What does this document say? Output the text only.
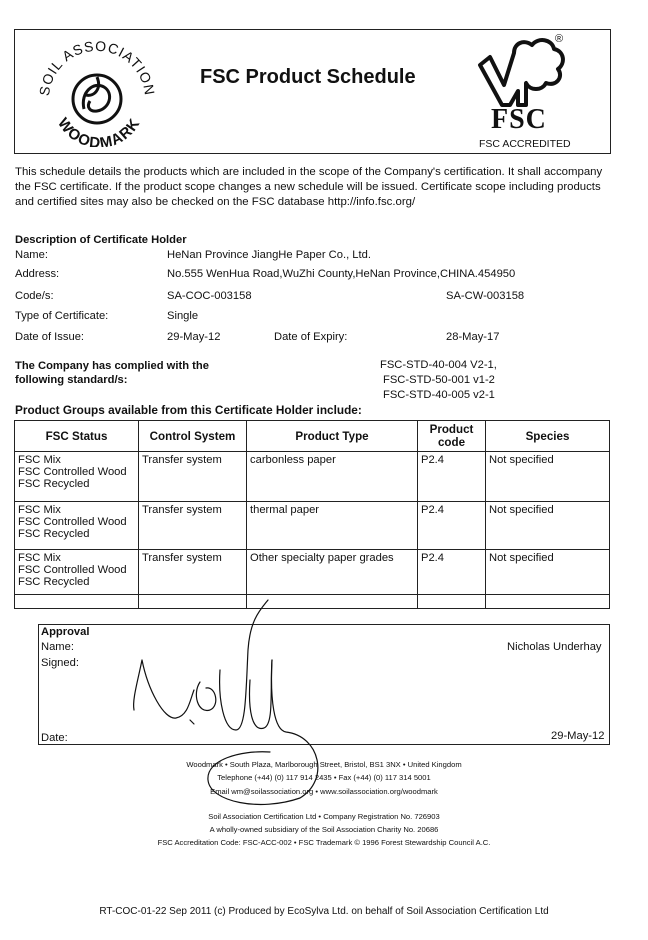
SOIL ASSOCIATION
WOODMARK
FSC Product Schedule
®
FSC
FSC ACCREDITED
This schedule details the products which are included in the scope of the Company's certification. It shall accompany the FSC certificate. If the product scope changes a new schedule will be issued. Certificate scope including products and certified sites may also be checked on the FSC database http://info.fsc.org/
Description of Certificate Holder
Name:	HeNan Province JiangHe Paper Co., Ltd.
Address:	No.555 WenHua Road,WuZhi County,HeNan Province,CHINA.454950
Code/s:	SA-COC-003158	SA-CW-003158
Type of Certificate:	Single
Date of Issue:	29-May-12	Date of Expiry:	28-May-17
The Company has complied with the
following standard/s:
FSC-STD-40-004 V2-1,
FSC-STD-50-001 v1-2
FSC-STD-40-005 v2-1
Product Groups available from this Certificate Holder include:
FSC Status	Control System	Product Type	Product code	Species

FSC Mix
FSC Controlled Wood
FSC Recycled	Transfer system	carbonless paper	P2.4	Not specified

FSC Mix
FSC Controlled Wood
FSC Recycled	Transfer system	thermal paper	P2.4	Not specified

FSC Mix
FSC Controlled Wood
FSC Recycled	Transfer system	Other specialty paper grades	P2.4	Not specified

Approval
Name:	Nicholas Underhay
Signed:
Date:	29-May-12
Woodmark • South Plaza, Marlborough Street, Bristol, BS1 3NX • United Kingdom
Telephone (+44) (0) 117 914 2435 • Fax (+44) (0) 117 314 5001
Email wm@soilassociation.org • www.soilassociation.org/woodmark
Soil Association Certification Ltd • Company Registration No. 726903
A wholly-owned subsidiary of the Soil Association Charity No. 20686
FSC Accreditation Code: FSC-ACC-002 • FSC Trademark © 1996 Forest Stewardship Council A.C.
RT-COC-01-22 Sep 2011 (c) Produced by EcoSylva Ltd. on behalf of Soil Association Certification Ltd
